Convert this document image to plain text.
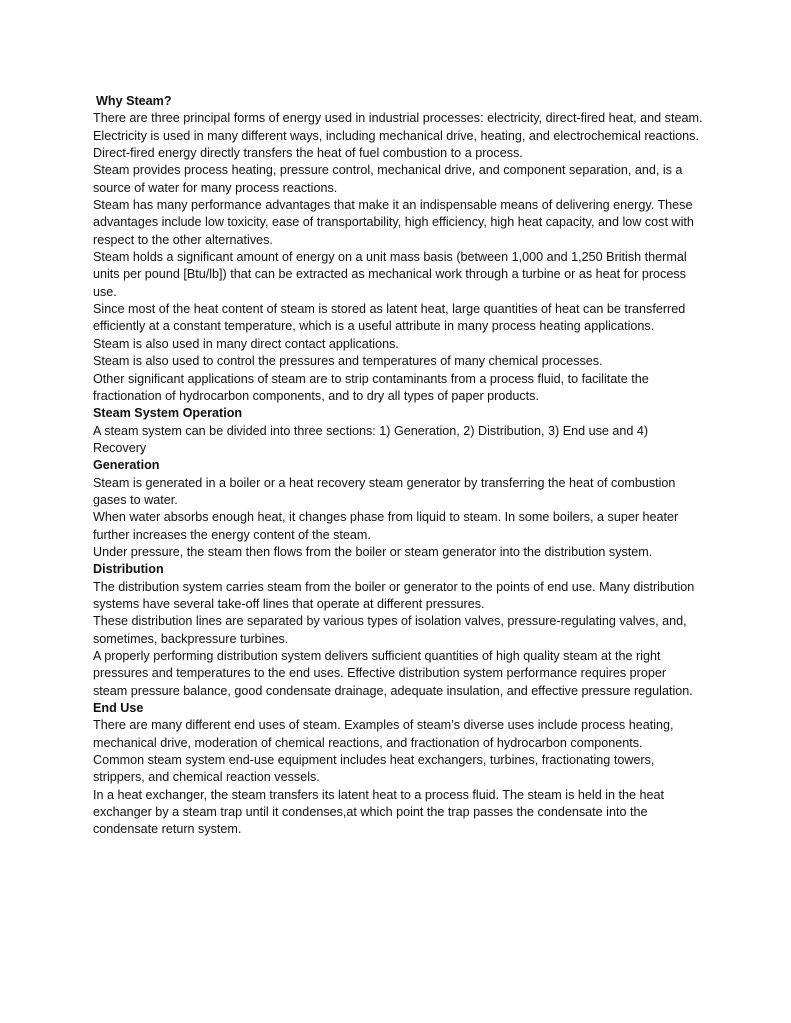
Why Steam?
There are three principal forms of energy used in industrial processes: electricity, direct-fired heat, and steam.
Electricity is used in many different ways, including mechanical drive, heating, and electrochemical reactions.
Direct-fired energy directly transfers the heat of fuel combustion to a process.
Steam provides process heating, pressure control, mechanical drive, and component separation, and, is a source of water for many process reactions.
Steam has many performance advantages that make it an indispensable means of delivering energy. These advantages include low toxicity, ease of transportability, high efficiency, high heat capacity, and low cost with respect to the other alternatives.
Steam holds a significant amount of energy on a unit mass basis (between 1,000 and 1,250 British thermal units per pound [Btu/lb]) that can be extracted as mechanical work through a turbine or as heat for process use.
Since most of the heat content of steam is stored as latent heat, large quantities of heat can be transferred efficiently at a constant temperature, which is a useful attribute in many process heating applications.
Steam is also used in many direct contact applications.
Steam is also used to control the pressures and temperatures of many chemical processes.
Other significant applications of steam are to strip contaminants from a process fluid, to facilitate the fractionation of hydrocarbon components, and to dry all types of paper products.
Steam System Operation
A steam system can be divided into three sections: 1) Generation, 2) Distribution, 3) End use and 4) Recovery
Generation
Steam is generated in a boiler or a heat recovery steam generator by transferring the heat of combustion gases to water.
When water absorbs enough heat, it changes phase from liquid to steam. In some boilers, a super heater further increases the energy content of the steam.
Under pressure, the steam then flows from the boiler or steam generator into the distribution system.
Distribution
The distribution system carries steam from the boiler or generator to the points of end use. Many distribution systems have several take-off lines that operate at different pressures.
These distribution lines are separated by various types of isolation valves, pressure-regulating valves, and, sometimes, backpressure turbines.
A properly performing distribution system delivers sufficient quantities of high quality steam at the right pressures and temperatures to the end uses. Effective distribution system performance requires proper steam pressure balance, good condensate drainage, adequate insulation, and effective pressure regulation.
End Use
There are many different end uses of steam. Examples of steam’s diverse uses include process heating, mechanical drive, moderation of chemical reactions, and fractionation of hydrocarbon components.
Common steam system end-use equipment includes heat exchangers, turbines, fractionating towers, strippers, and chemical reaction vessels.
In a heat exchanger, the steam transfers its latent heat to a process fluid. The steam is held in the heat exchanger by a steam trap until it condenses,at which point the trap passes the condensate into the condensate return system.
